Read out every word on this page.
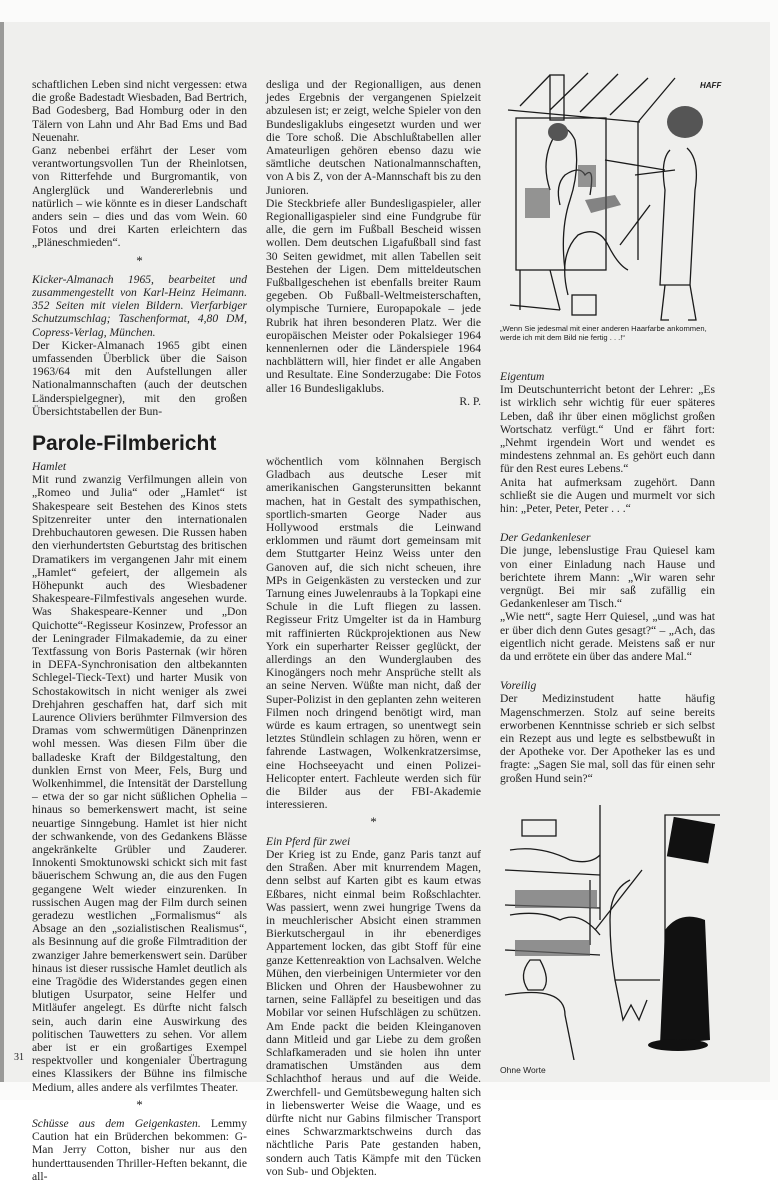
schaftlichen Leben sind nicht vergessen: etwa die große Badestadt Wiesbaden, Bad Bertrich, Bad Godesberg, Bad Homburg oder in den Tälern von Lahn und Ahr Bad Ems und Bad Neuenahr.

Ganz nebenbei erfährt der Leser vom verantwortungsvollen Tun der Rheinlotsen, von Ritterfehde und Burgromantik, von Anglerglück und Wandererlebnis und natürlich – wie könnte es in dieser Landschaft anders sein – dies und das vom Wein. 60 Fotos und drei Karten erleichtern das „Pläneschmieden“.

*

Kicker-Almanach 1965, bearbeitet und zusammengestellt von Karl-Heinz Heimann. 352 Seiten mit vielen Bildern. Vierfarbiger Schutzumschlag; Taschenformat, 4,80 DM, Copress-Verlag, München.

Der Kicker-Almanach 1965 gibt einen umfassenden Überblick über die Saison 1963/64 mit den Aufstellungen aller Nationalmannschaften (auch der deutschen Länderspielgegner), mit den großen Übersichtstabellen der Bun-

Parole-Filmbericht

Hamlet

Mit rund zwanzig Verfilmungen allein von „Romeo und Julia“ oder „Hamlet“ ist Shakespeare seit Bestehen des Kinos stets Spitzenreiter unter den internationalen Drehbuchautoren gewesen. Die Russen haben den vierhundertsten Geburtstag des britischen Dramatikers im vergangenen Jahr mit einem „Hamlet“ gefeiert, der allgemein als Höhepunkt auch des Wiesbadener Shakespeare-Filmfestivals angesehen wurde. Was Shakespeare-Kenner und „Don Quichotte“-Regisseur Kosinzew, Professor an der Leningrader Filmakademie, da zu einer Textfassung von Boris Pasternak (wir hören in DEFA-Synchronisation den altbekannten Schlegel-Tieck-Text) und harter Musik von Schostakowitsch in nicht weniger als zwei Drehjahren geschaffen hat, darf sich mit Laurence Oliviers berühmter Filmversion des Dramas vom schwermütigen Dänenprinzen wohl messen. Was diesen Film über die balladeske Kraft der Bildgestaltung, den dunklen Ernst von Meer, Fels, Burg und Wolkenhimmel, die Intensität der Darstellung – etwa der so gar nicht süßlichen Ophelia – hinaus so bemerkenswert macht, ist seine neuartige Sinngebung. Hamlet ist hier nicht der schwankende, von des Gedankens Blässe angekränkelte Grübler und Zauderer. Innokenti Smoktunowski schickt sich mit fast bäuerischem Schwung an, die aus den Fugen gegangene Welt wieder einzurenken. In russischen Augen mag der Film durch seinen geradezu westlichen „Formalismus“ als Absage an den „sozialistischen Realismus“, als Besinnung auf die große Filmtradition der zwanziger Jahre bemerkenswert sein. Darüber hinaus ist dieser russische Hamlet deutlich als eine Tragödie des Widerstandes gegen einen blutigen Usurpator, seine Helfer und Mitläufer angelegt. Es dürfte nicht falsch sein, auch darin eine Auswirkung des politischen Tauwetters zu sehen. Vor allem aber ist er ein großartiges Exempel respektvoller und kongenialer Übertragung eines Klassikers der Bühne ins filmische Medium, alles andere als verfilmtes Theater.

*

Schüsse aus dem Geigenkasten. Lemmy Caution hat ein Brüderchen bekommen: G-Man Jerry Cotton, bisher nur aus den hunderttausenden Thriller-Heften bekannt, die all-

desliga und der Regionalligen, aus denen jedes Ergebnis der vergangenen Spielzeit abzulesen ist; er zeigt, welche Spieler von den Bundesligaklubs eingesetzt wurden und wer die Tore schoß. Die Abschlußtabellen aller Amateurligen gehören ebenso dazu wie sämtliche deutschen Nationalmannschaften, von A bis Z, von der A-Mannschaft bis zu den Junioren.

Die Steckbriefe aller Bundesligaspieler, aller Regionalligaspieler sind eine Fundgrube für alle, die gern im Fußball Bescheid wissen wollen. Dem deutschen Ligafußball sind fast 30 Seiten gewidmet, mit allen Tabellen seit Bestehen der Ligen. Dem mitteldeutschen Fußballgeschehen ist ebenfalls breiter Raum gegeben. Ob Fußball-Weltmeisterschaften, olympische Turniere, Europapokale – jede Rubrik hat ihren besonderen Platz. Wer die europäischen Meister oder Pokalsieger 1964 kennenlernen oder die Länderspiele 1964 nachblättern will, hier findet er alle Angaben und Resultate. Eine Sonderzugabe: Die Fotos aller 16 Bundesligaklubs.

R. P.

wöchentlich vom kölnnahen Bergisch Gladbach aus deutsche Leser mit amerikanischen Gangsterunsitten bekannt machen, hat in Gestalt des sympathischen, sportlich-smarten George Nader aus Hollywood erstmals die Leinwand erklommen und räumt dort gemeinsam mit dem Stuttgarter Heinz Weiss unter den Ganoven auf, die sich nicht scheuen, ihre MPs in Geigenkästen zu verstecken und zur Tarnung eines Juwelenraubs à la Topkapi eine Schule in die Luft fliegen zu lassen. Regisseur Fritz Umgelter ist da in Hamburg mit raffinierten Rückprojektionen aus New York ein superharter Reisser geglückt, der allerdings an den Wunderglauben des Kinogängers noch mehr Ansprüche stellt als an seine Nerven. Wüßte man nicht, daß der Super-Polizist in den geplanten zehn weiteren Filmen noch dringend benötigt wird, man würde es kaum ertragen, so unentwegt sein letztes Stündlein schlagen zu hören, wenn er fahrende Lastwagen, Wolkenkratzersimse, eine Hochseeyacht und einen Polizei-Helicopter entert. Fachleute werden sich für die Bilder aus der FBI-Akademie interessieren.

*

Ein Pferd für zwei

Der Krieg ist zu Ende, ganz Paris tanzt auf den Straßen. Aber mit knurrendem Magen, denn selbst auf Karten gibt es kaum etwas Eßbares, nicht einmal beim Roßschlachter. Was passiert, wenn zwei hungrige Twens da in meuchlerischer Absicht einen strammen Bierkutschergaul in ihr ebenerdiges Appartement locken, das gibt Stoff für eine ganze Kettenreaktion von Lachsalven. Welche Mühen, den vierbeinigen Untermieter vor den Blicken und Ohren der Hausbewohner zu tarnen, seine Falläpfel zu beseitigen und das Mobilar vor seinen Hufschlägen zu schützen. Am Ende packt die beiden Kleinganoven dann Mitleid und gar Liebe zu dem großen Schlafkameraden und sie holen ihn unter dramatischen Umständen aus dem Schlachthof heraus und auf die Weide. Zwerchfell- und Gemütsbewegung halten sich in liebenswerter Weise die Waage, und es dürfte nicht nur Gabins filmischer Transport eines Schwarzmarktschweins durch das nächtliche Paris Pate gestanden haben, sondern auch Tatis Kämpfe mit den Tücken von Sub- und Objekten.

HAFF
„Wenn Sie jedesmal mit einer anderen Haarfarbe ankommen, werde ich mit dem Bild nie fertig . . .!“

Eigentum

Im Deutschunterricht betont der Lehrer: „Es ist wirklich sehr wichtig für euer späteres Leben, daß ihr über einen möglichst großen Wortschatz verfügt.“ Und er fährt fort: „Nehmt irgendein Wort und wendet es mindestens zehnmal an. Es gehört euch dann für den Rest eures Lebens.“

Anita hat aufmerksam zugehört. Dann schließt sie die Augen und murmelt vor sich hin: „Peter, Peter, Peter . . .“

Der Gedankenleser

Die junge, lebenslustige Frau Quiesel kam von einer Einladung nach Hause und berichtete ihrem Mann: „Wir waren sehr vergnügt. Bei mir saß zufällig ein Gedankenleser am Tisch.“

„Wie nett“, sagte Herr Quiesel, „und was hat er über dich denn Gutes gesagt?“ – „Ach, das eigentlich nicht gerade. Meistens saß er nur da und errötete ein über das andere Mal.“

Voreilig

Der Medizinstudent hatte häufig Magenschmerzen. Stolz auf seine bereits erworbenen Kenntnisse schrieb er sich selbst ein Rezept aus und legte es selbstbewußt in der Apotheke vor. Der Apotheker las es und fragte: „Sagen Sie mal, soll das für einen sehr großen Hund sein?“

Ohne Worte
31
